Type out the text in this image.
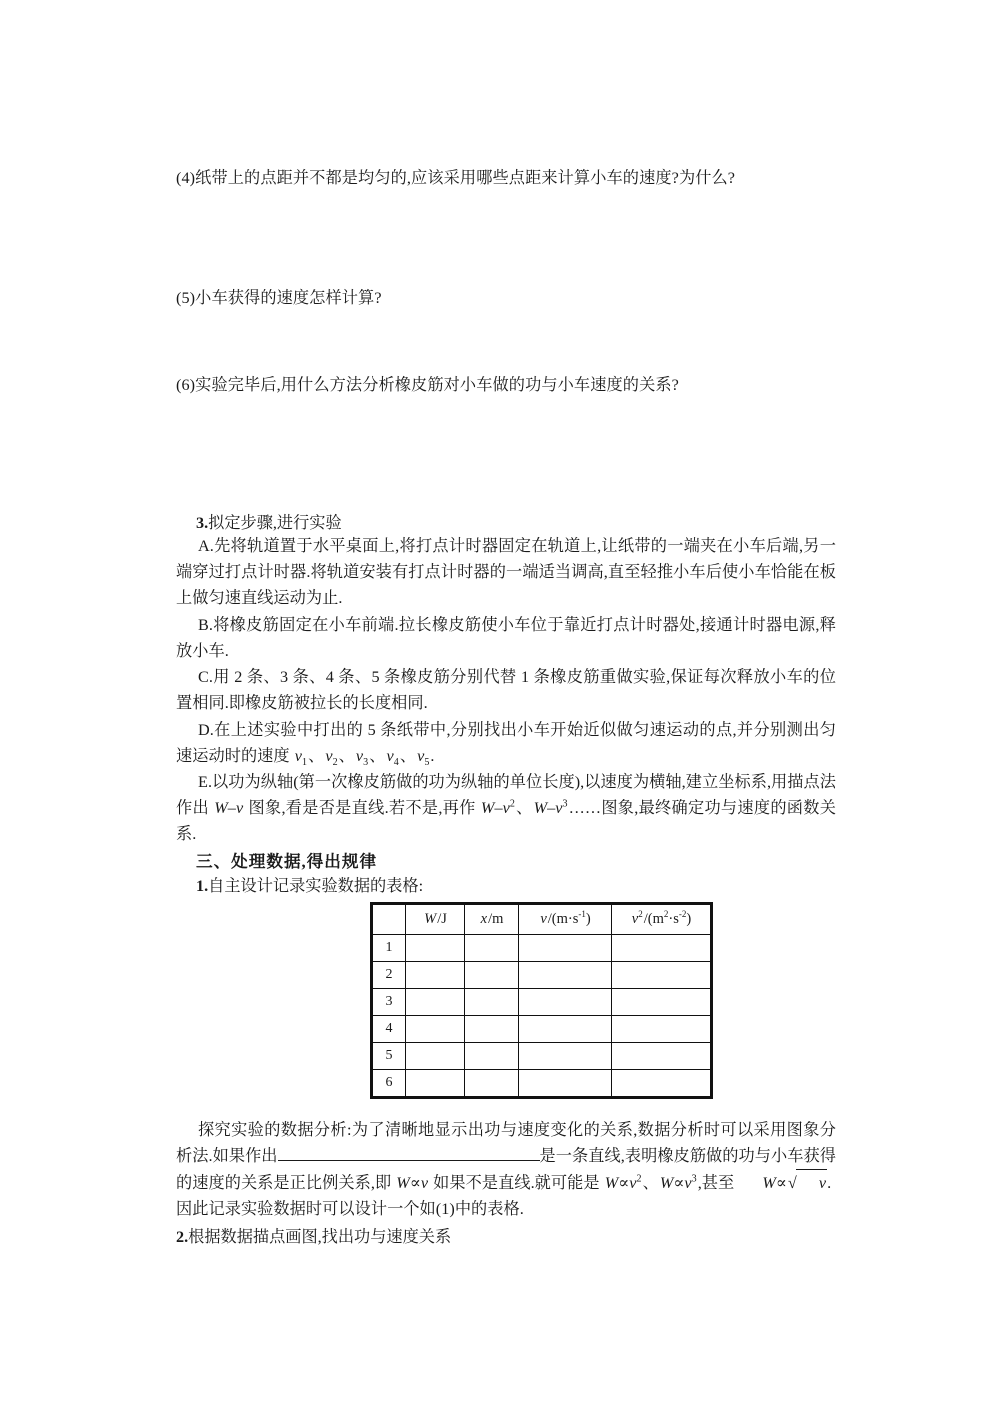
(4)纸带上的点距并不都是均匀的,应该采用哪些点距来计算小车的速度?为什么?

(5)小车获得的速度怎样计算?

(6)实验完毕后,用什么方法分析橡皮筋对小车做的功与小车速度的关系?

3.拟定步骤,进行实验

A.先将轨道置于水平桌面上,将打点计时器固定在轨道上,让纸带的一端夹在小车后端,另一端穿过打点计时器.将轨道安装有打点计时器的一端适当调高,直至轻推小车后使小车恰能在板上做匀速直线运动为止.

B.将橡皮筋固定在小车前端.拉长橡皮筋使小车位于靠近打点计时器处,接通计时器电源,释放小车.

C.用 2 条、3 条、4 条、5 条橡皮筋分别代替 1 条橡皮筋重做实验,保证每次释放小车的位置相同.即橡皮筋被拉长的长度相同.

D.在上述实验中打出的 5 条纸带中,分别找出小车开始近似做匀速运动的点,并分别测出匀速运动时的速度 $v_1$、$v_2$、$v_3$、$v_4$、$v_5$.

E.以功为纵轴(第一次橡皮筋做的功为纵轴的单位长度),以速度为横轴,建立坐标系,用描点法作出 W–v 图象,看是否是直线.若不是,再作 $W-v^2$、$W-v^3\dots\dots$图象,最终确定功与速度的函数关系.

三、处理数据,得出规律

1.自主设计记录实验数据的表格:

	W/J	x/m	$v/(m\cdot s^{-1})$	$v^2/(m^2\cdot s^{-2})$
1				
2				
3				
4				
5				
6				

探究实验的数据分析:为了清晰地显示出功与速度变化的关系,数据分析时可以采用图象分析法.如果作出	是一条直线,表明橡皮筋做的功与小车获得的速度的关系是正比例关系,即 W∝v 如果不是直线.就可能是 $W\propto v^2$、$W\propto v^3$,甚至 W∝√ v.

因此记录实验数据时可以设计一个如(1)中的表格.

2.根据数据描点画图,找出功与速度关系
